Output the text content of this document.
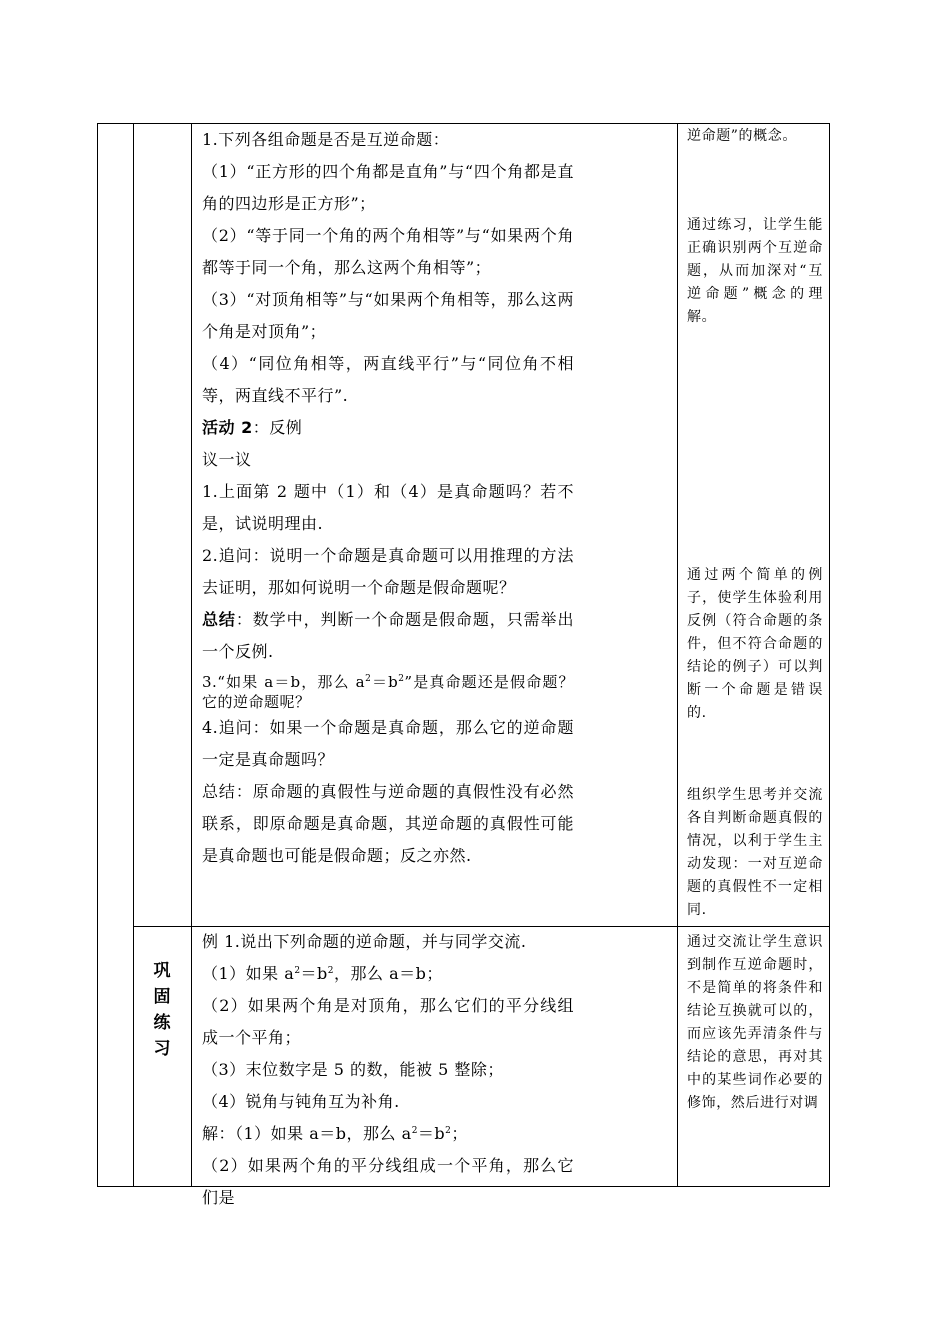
1.下列各组命题是否是互逆命题：

（1）“正方形的四个角都是直角”与“四个角都是直角的四边形是正方形”；

（2）“等于同一个角的两个角相等”与“如果两个角都等于同一个角，那么这两个角相等”；

（3）“对顶角相等”与“如果两个角相等，那么这两个角是对顶角”；

（4）“同位角相等，两直线平行”与“同位角不相等，两直线不平行”.

活动 2：反例

议一议

1.上面第 2 题中（1）和（4）是真命题吗？若不是，试说明理由.

2.追问：说明一个命题是真命题可以用推理的方法去证明，那如何说明一个命题是假命题呢？

总结：数学中，判断一个命题是假命题，只需举出一个反例.

3.“如果 a＝b，那么 $a^2=b^2$”是真命题还是假命题？它的逆命题呢？

4.追问：如果一个命题是真命题，那么它的逆命题一定是真命题吗？

总结：原命题的真假性与逆命题的真假性没有必然联系，即原命题是真命题，其逆命题的真假性可能是真命题也可能是假命题；反之亦然.

例 1.说出下列命题的逆命题，并与同学交流.

（1）如果 $a^2=b^2$，那么 a＝b；

（2）如果两个角是对顶角，那么它们的平分线组成一个平角；

（3）末位数字是 5 的数，能被 5 整除；

（4）锐角与钝角互为补角.

解：（1）如果 a＝b，那么 $a^2=b^2$；

（2）如果两个角的平分线组成一个平角，那么它们是

巩
固
练
习

逆命题”的概念。

通过练习，让学生能正确识别两个互逆命题，从而加深对“互逆命题”概念的理解。

通过两个简单的例子，使学生体验利用反例（符合命题的条件，但不符合命题的结论的例子）可以判断一个命题是错误的.

组织学生思考并交流各自判断命题真假的情况，以利于学生主动发现：一对互逆命题的真假性不一定相同.

通过交流让学生意识到制作互逆命题时，不是简单的将条件和结论互换就可以的，而应该先弄清条件与结论的意思，再对其中的某些词作必要的修饰，然后进行对调
